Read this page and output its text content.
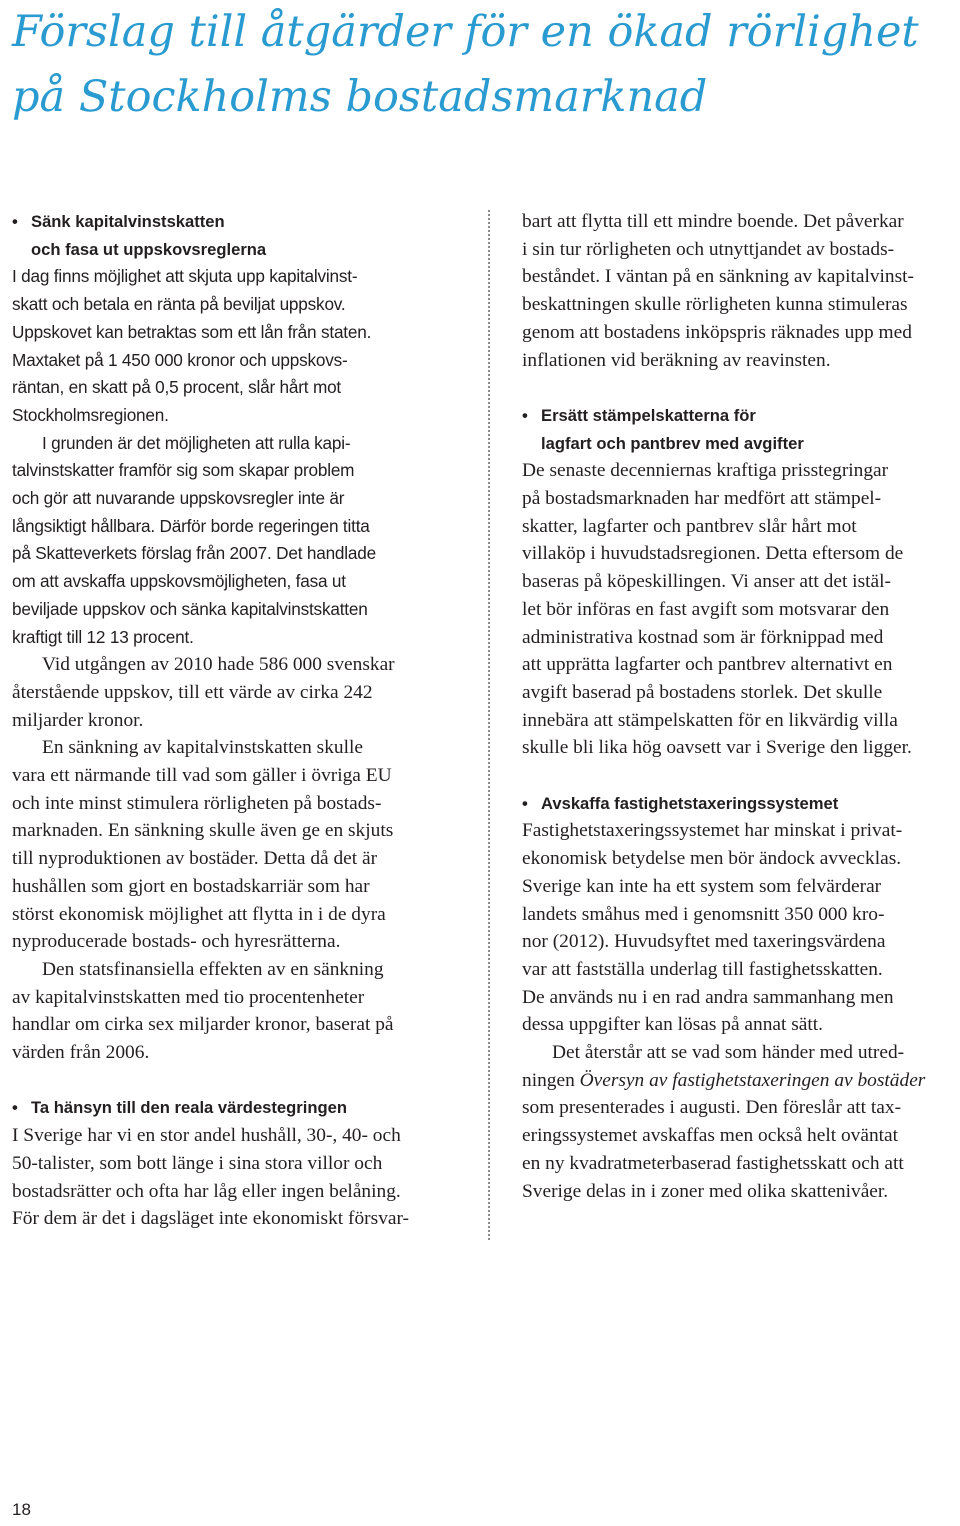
Förslag till åtgärder för en ökad rörlighet
på Stockholms bostadsmarknad
• Sänk kapitalvinstskatten
och fasa ut uppskovsreglerna

I dag finns möjlighet att skjuta upp kapitalvinst-
skatt och betala en ränta på beviljat uppskov.
Uppskovet kan betraktas som ett lån från staten.
Maxtaket på 1 450 000 kronor och uppskovs-
räntan, en skatt på 0,5 procent, slår hårt mot
Stockholmsregionen.

I grunden är det möjligheten att rulla kapi-
talvinstskatter framför sig som skapar problem
och gör att nuvarande uppskovsregler inte är
långsiktigt hållbara. Därför borde regeringen titta
på Skatteverkets förslag från 2007. Det handlade
om att avskaffa uppskovsmöjligheten, fasa ut
beviljade uppskov och sänka kapitalvinstskatten
kraftigt till 12 13 procent.

Vid utgången av 2010 hade 586 000 svenskar
återstående uppskov, till ett värde av cirka 242
miljarder kronor.

En sänkning av kapitalvinstskatten skulle
vara ett närmande till vad som gäller i övriga EU
och inte minst stimulera rörligheten på bostads-
marknaden. En sänkning skulle även ge en skjuts
till nyproduktionen av bostäder. Detta då det är
hushållen som gjort en bostadskarriär som har
störst ekonomisk möjlighet att flytta in i de dyra
nyproducerade bostads- och hyresrätterna.

Den statsfinansiella effekten av en sänkning
av kapitalvinstskatten med tio procentenheter
handlar om cirka sex miljarder kronor, baserat på
värden från 2006.

• Ta hänsyn till den reala värdestegringen

I Sverige har vi en stor andel hushåll, 30-, 40- och
50-talister, som bott länge i sina stora villor och
bostadsrätter och ofta har låg eller ingen belåning.
För dem är det i dagsläget inte ekonomiskt försvar-

bart att flytta till ett mindre boende. Det påverkar
i sin tur rörligheten och utnyttjandet av bostads-
beståndet. I väntan på en sänkning av kapitalvinst-
beskattningen skulle rörligheten kunna stimuleras
genom att bostadens inköpspris räknades upp med
inflationen vid beräkning av reavinsten.

• Ersätt stämpelskatterna för
lagfart och pantbrev med avgifter

De senaste decenniernas kraftiga prisstegringar
på bostadsmarknaden har medfört att stämpel-
skatter, lagfarter och pantbrev slår hårt mot
villaköp i huvudstadsregionen. Detta eftersom de
baseras på köpeskillingen. Vi anser att det istäl-
let bör införas en fast avgift som motsvarar den
administrativa kostnad som är förknippad med
att upprätta lagfarter och pantbrev alternativt en
avgift baserad på bostadens storlek. Det skulle
innebära att stämpelskatten för en likvärdig villa
skulle bli lika hög oavsett var i Sverige den ligger.

• Avskaffa fastighetstaxeringssystemet

Fastighetstaxeringssystemet har minskat i privat-
ekonomisk betydelse men bör ändock avvecklas.
Sverige kan inte ha ett system som felvärderar
landets småhus med i genomsnitt 350 000 kro-
nor (2012). Huvudsyftet med taxeringsvärdena
var att fastställa underlag till fastighetsskatten.
De används nu i en rad andra sammanhang men
dessa uppgifter kan lösas på annat sätt.

Det återstår att se vad som händer med utred-
ningen Översyn av fastighetstaxeringen av bostäder
som presenterades i augusti. Den föreslår att tax-
eringssystemet avskaffas men också helt oväntat
en ny kvadratmeterbaserad fastighetsskatt och att
Sverige delas in i zoner med olika skattenivåer.

18
